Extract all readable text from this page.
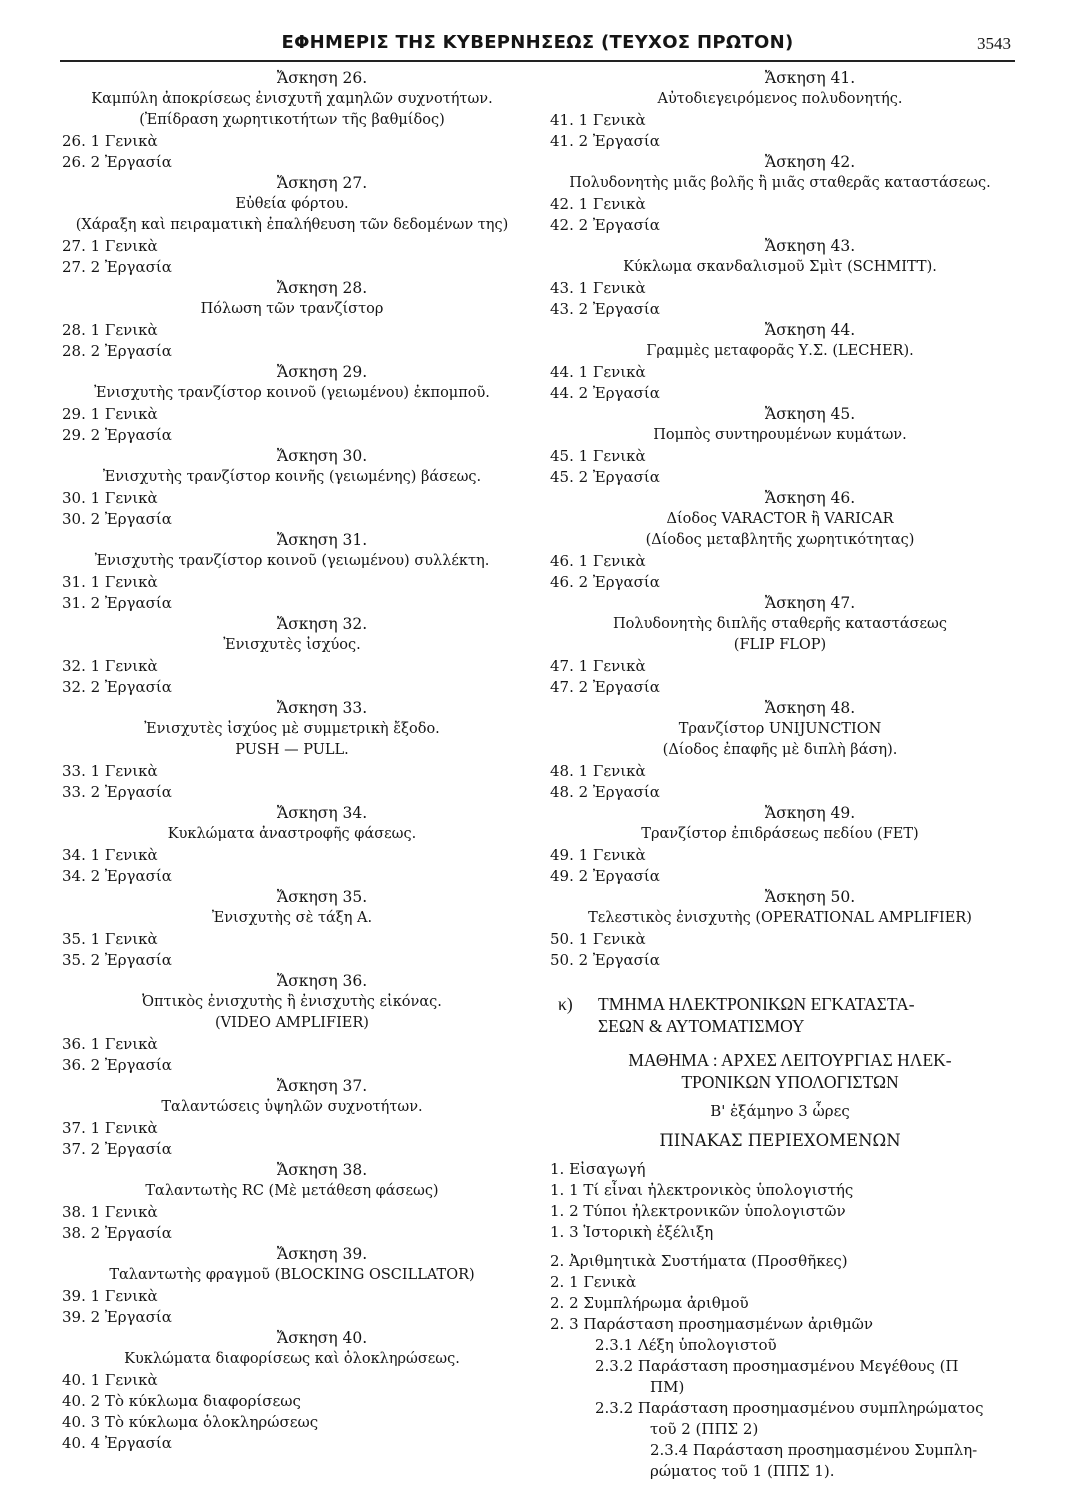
ΕΦΗΜΕΡΙΣ ΤΗΣ ΚΥΒΕΡΝΗΣΕΩΣ (ΤΕΥΧΟΣ ΠΡΩΤΟΝ)	3543
Ἄσκηση 26.
Καμπύλη ἀποκρίσεως ἐνισχυτῆ χαμηλῶν συχνοτήτων.
(Ἐπίδραση χωρητικοτήτων τῆς βαθμίδος)
26. 1 Γενικὰ
26. 2 Ἐργασία
Ἄσκηση 27.
Εὐθεία φόρτου.
(Χάραξη καὶ πειραματικὴ ἐπαλήθευση τῶν δεδομένων της)
27. 1 Γενικὰ
27. 2 Ἐργασία
Ἄσκηση 28.
Πόλωση τῶν τρανζίστορ
28. 1 Γενικὰ
28. 2 Ἐργασία
Ἄσκηση 29.
Ἐνισχυτὴς τρανζίστορ κοινοῦ (γειωμένου) ἐκπομποῦ.
29. 1 Γενικὰ
29. 2 Ἐργασία
Ἄσκηση 30.
Ἐνισχυτὴς τρανζίστορ κοινῆς (γειωμένης) βάσεως.
30. 1 Γενικὰ
30. 2 Ἐργασία
Ἄσκηση 31.
Ἐνισχυτὴς τρανζίστορ κοινοῦ (γειωμένου) συλλέκτη.
31. 1 Γενικὰ
31. 2 Ἐργασία
Ἄσκηση 32.
Ἐνισχυτὲς ἰσχύος.
32. 1 Γενικὰ
32. 2 Ἐργασία
Ἄσκηση 33.
Ἐνισχυτὲς ἰσχύος μὲ συμμετρικὴ ἔξοδο.
PUSH — PULL.
33. 1 Γενικὰ
33. 2 Ἐργασία
Ἄσκηση 34.
Κυκλώματα ἀναστροφῆς φάσεως.
34. 1 Γενικὰ
34. 2 Ἐργασία
Ἄσκηση 35.
Ἐνισχυτὴς σὲ τάξη Α.
35. 1 Γενικὰ
35. 2 Ἐργασία
Ἄσκηση 36.
Ὀπτικὸς ἐνισχυτὴς ἢ ἐνισχυτὴς εἰκόνας.
(VIDEO AMPLIFIER)
36. 1 Γενικὰ
36. 2 Ἐργασία
Ἄσκηση 37.
Ταλαντώσεις ὑψηλῶν συχνοτήτων.
37. 1 Γενικὰ
37. 2 Ἐργασία
Ἄσκηση 38.
Ταλαντωτὴς RC (Μὲ μετάθεση φάσεως)
38. 1 Γενικὰ
38. 2 Ἐργασία
Ἄσκηση 39.
Ταλαντωτὴς φραγμοῦ (BLOCKING OSCILLATOR)
39. 1 Γενικὰ
39. 2 Ἐργασία
Ἄσκηση 40.
Κυκλώματα διαφορίσεως καὶ ὁλοκληρώσεως.
40. 1 Γενικὰ
40. 2 Τὸ κύκλωμα διαφορίσεως
40. 3 Τὸ κύκλωμα ὁλοκληρώσεως
40. 4 Ἐργασία
Ἄσκηση 41.
Αὐτοδιεγειρόμενος πολυδονητής.
41. 1 Γενικὰ
41. 2 Ἐργασία
Ἄσκηση 42.
Πολυδονητὴς μιᾶς βολῆς ἢ μιᾶς σταθερᾶς καταστάσεως.
42. 1 Γενικὰ
42. 2 Ἐργασία
Ἄσκηση 43.
Κύκλωμα σκανδαλισμοῦ Σμὶτ (SCHMITT).
43. 1 Γενικὰ
43. 2 Ἐργασία
Ἄσκηση 44.
Γραμμὲς μεταφορᾶς Υ.Σ. (LECHER).
44. 1 Γενικὰ
44. 2 Ἐργασία
Ἄσκηση 45.
Πομπὸς συντηρουμένων κυμάτων.
45. 1 Γενικὰ
45. 2 Ἐργασία
Ἄσκηση 46.
Δίοδος VARACTOR ἢ VARICAR
(Δίοδος μεταβλητῆς χωρητικότητας)
46. 1 Γενικὰ
46. 2 Ἐργασία
Ἄσκηση 47.
Πολυδονητὴς διπλῆς σταθερῆς καταστάσεως
(FLIP FLOP)
47. 1 Γενικὰ
47. 2 Ἐργασία
Ἄσκηση 48.
Τρανζίστορ UNIJUNCTION
(Δίοδος ἐπαφῆς μὲ διπλὴ βάση).
48. 1 Γενικὰ
48. 2 Ἐργασία
Ἄσκηση 49.
Τρανζίστορ ἐπιδράσεως πεδίου (FET)
49. 1 Γενικὰ
49. 2 Ἐργασία
Ἄσκηση 50.
Τελεστικὸς ἐνισχυτὴς (OPERATIONAL AMPLIFIER)
50. 1 Γενικὰ
50. 2 Ἐργασία
κ) ΤΜΗΜΑ ΗΛΕΚΤΡΟΝΙΚΩΝ ΕΓΚΑΤΑΣΤΑ-
ΣΕΩΝ & ΑΥΤΟΜΑΤΙΣΜΟΥ
ΜΑΘΗΜΑ : ΑΡΧΕΣ ΛΕΙΤΟΥΡΓΙΑΣ ΗΛΕΚ-
ΤΡΟΝΙΚΩΝ ΥΠΟΛΟΓΙΣΤΩΝ
Β' ἑξάμηνο 3 ὧρες
ΠΙΝΑΚΑΣ ΠΕΡΙΕΧΟΜΕΝΩΝ
1. Εἰσαγωγή
1. 1 Τί εἶναι ἠλεκτρονικὸς ὑπολογιστής
1. 2 Τύποι ἠλεκτρονικῶν ὑπολογιστῶν
1. 3 Ἱστορικὴ ἐξέλιξη
2. Ἀριθμητικὰ Συστήματα (Προσθῆκες)
2. 1 Γενικὰ
2. 2 Συμπλήρωμα ἀριθμοῦ
2. 3 Παράσταση προσημασμένων ἀριθμῶν
2.3.1 Λέξη ὑπολογιστοῦ
2.3.2 Παράσταση προσημασμένου Μεγέθους (Π
ΠΜ)
2.3.2 Παράσταση προσημασμένου συμπληρώματος
τοῦ 2 (ΠΠΣ 2)
2.3.4 Παράσταση προσημασμένου Συμπλη-
ρώματος τοῦ 1 (ΠΠΣ 1).
